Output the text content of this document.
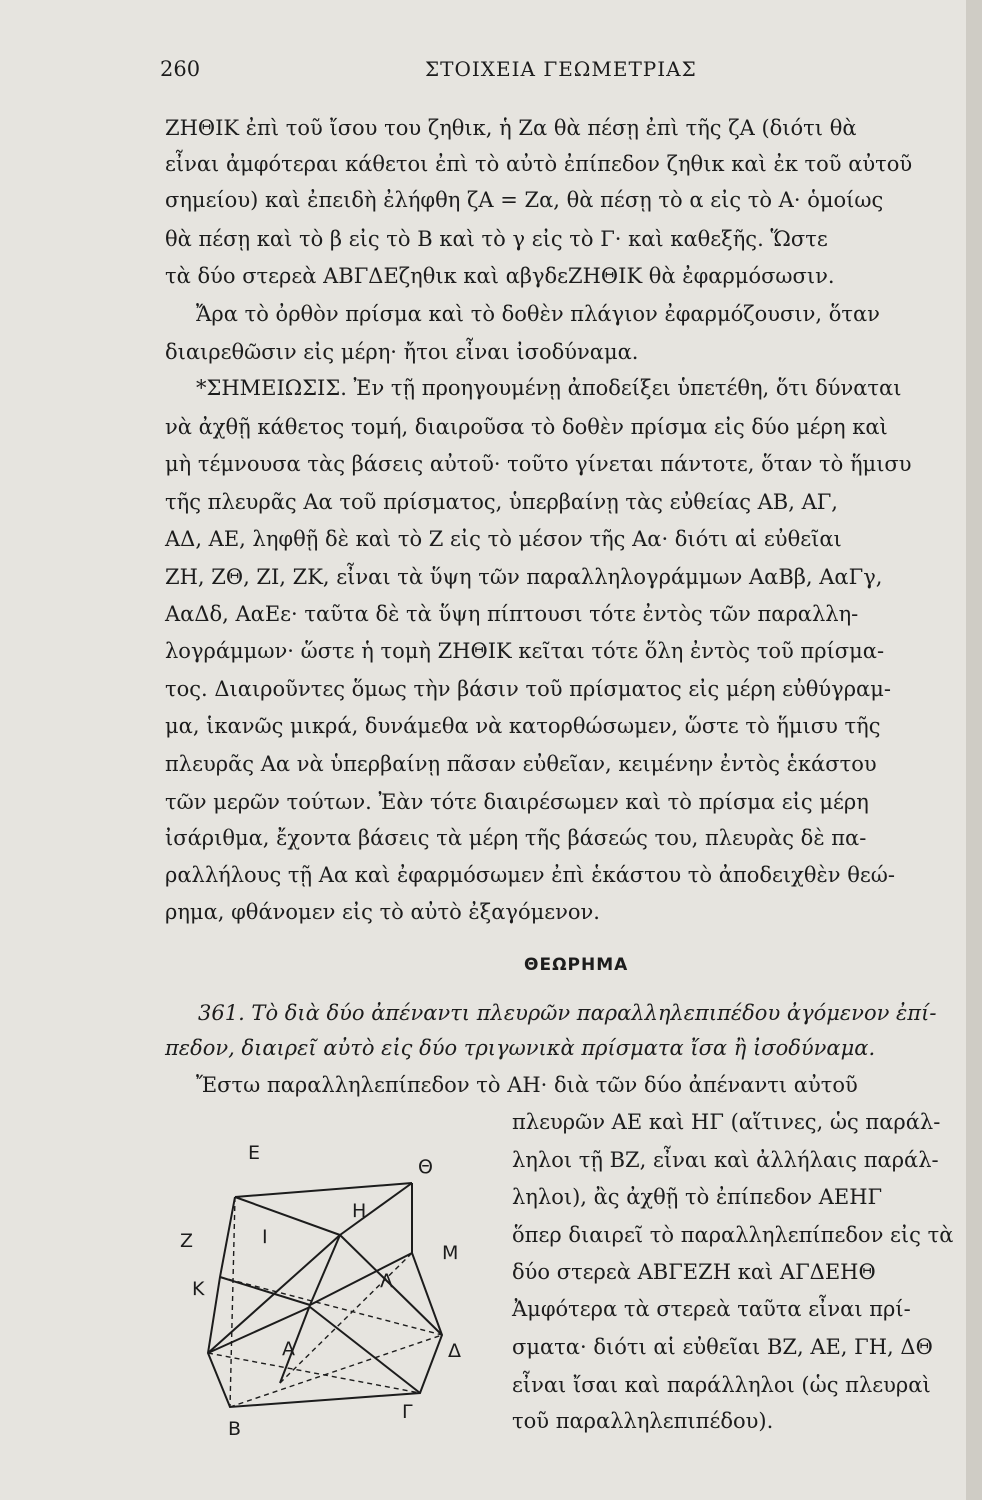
260	ΣΤΟΙΧΕΙΑ ΓΕΩΜΕΤΡΙΑΣ
ΖΗΘΙΚ ἐπὶ τοῦ ἴσου του ζηθικ, ἡ Ζα θὰ πέσῃ ἐπὶ τῆς ζΑ (διότι θὰ
εἶναι ἀμφότεραι κάθετοι ἐπὶ τὸ αὐτὸ ἐπίπεδον ζηθικ καὶ ἐκ τοῦ αὐτοῦ
σημείου) καὶ ἐπειδὴ ἐλήφθη ζΑ = Ζα, θὰ πέσῃ τὸ α εἰς τὸ Α· ὁμοίως
θὰ πέσῃ καὶ τὸ β εἰς τὸ Β καὶ τὸ γ εἰς τὸ Γ· καὶ καθεξῆς. Ὥστε
τὰ δύο στερεὰ ΑΒΓΔΕζηθικ καὶ αβγδεΖΗΘΙΚ θὰ ἐφαρμόσωσιν.
Ἄρα τὸ ὀρθὸν πρίσμα καὶ τὸ δοθὲν πλάγιον ἐφαρμόζουσιν, ὅταν
διαιρεθῶσιν εἰς μέρη· ἤτοι εἶναι ἰσοδύναμα.
*ΣΗΜΕΙΩΣΙΣ. Ἐν τῇ προηγουμένῃ ἀποδείξει ὑπετέθη, ὅτι δύναται
νὰ ἀχθῇ κάθετος τομή, διαιροῦσα τὸ δοθὲν πρίσμα εἰς δύο μέρη καὶ
μὴ τέμνουσα τὰς βάσεις αὐτοῦ· τοῦτο γίνεται πάντοτε, ὅταν τὸ ἥμισυ
τῆς πλευρᾶς Αα τοῦ πρίσματος, ὑπερβαίνῃ τὰς εὐθείας ΑΒ, ΑΓ,
ΑΔ, ΑΕ, ληφθῇ δὲ καὶ τὸ Ζ εἰς τὸ μέσον τῆς Αα· διότι αἱ εὐθεῖαι
ΖΗ, ΖΘ, ΖΙ, ΖΚ, εἶναι τὰ ὕψη τῶν παραλληλογράμμων ΑαΒβ, ΑαΓγ,
ΑαΔδ, ΑαΕε· ταῦτα δὲ τὰ ὕψη πίπτουσι τότε ἐντὸς τῶν παραλλη-
λογράμμων· ὥστε ἡ τομὴ ΖΗΘΙΚ κεῖται τότε ὅλη ἐντὸς τοῦ πρίσμα-
τος. Διαιροῦντες ὅμως τὴν βάσιν τοῦ πρίσματος εἰς μέρη εὐθύγραμ-
μα, ἱκανῶς μικρά, δυνάμεθα νὰ κατορθώσωμεν, ὥστε τὸ ἥμισυ τῆς
πλευρᾶς Αα νὰ ὑπερβαίνῃ πᾶσαν εὐθεῖαν, κειμένην ἐντὸς ἑκάστου
τῶν μερῶν τούτων. Ἐὰν τότε διαιρέσωμεν καὶ τὸ πρίσμα εἰς μέρη
ἰσάριθμα, ἔχοντα βάσεις τὰ μέρη τῆς βάσεώς του, πλευρὰς δὲ πα-
ραλλήλους τῇ Αα καὶ ἐφαρμόσωμεν ἐπὶ ἑκάστου τὸ ἀποδειχθὲν θεώ-
ρημα, φθάνομεν εἰς τὸ αὐτὸ ἐξαγόμενον.
ΘΕΩΡΗΜΑ
361. Τὸ διὰ δύο ἀπέναντι πλευρῶν παραλληλεπιπέδου ἀγόμενον ἐπί-
πεδον, διαιρεῖ αὐτὸ εἰς δύο τριγωνικὰ πρίσματα ἴσα ἢ ἰσοδύναμα.
Ἔστω παραλληλεπίπεδον τὸ ΑΗ· διὰ τῶν δύο ἀπέναντι αὐτοῦ
πλευρῶν ΑΕ καὶ ΗΓ (αἵτινες, ὡς παράλ-
ληλοι τῇ ΒΖ, εἶναι καὶ ἀλλήλαις παράλ-
ληλοι), ἂς ἀχθῇ τὸ ἐπίπεδον ΑΕΗΓ
ὅπερ διαιρεῖ τὸ παραλληλεπίπεδον εἰς τὰ
δύο στερεὰ ΑΒΓΕΖΗ καὶ ΑΓΔΕΗΘ
Ἀμφότερα τὰ στερεὰ ταῦτα εἶναι πρί-
σματα· διότι αἱ εὐθεῖαι ΒΖ, ΑΕ, ΓΗ, ΔΘ
εἶναι ἴσαι καὶ παράλληλοι (ὡς πλευραὶ
τοῦ παραλληλεπιπέδου).
Ε
Θ
Η
Ζ	Ι
Μ
Κ	Λ
Α	Δ
Β
Γ
